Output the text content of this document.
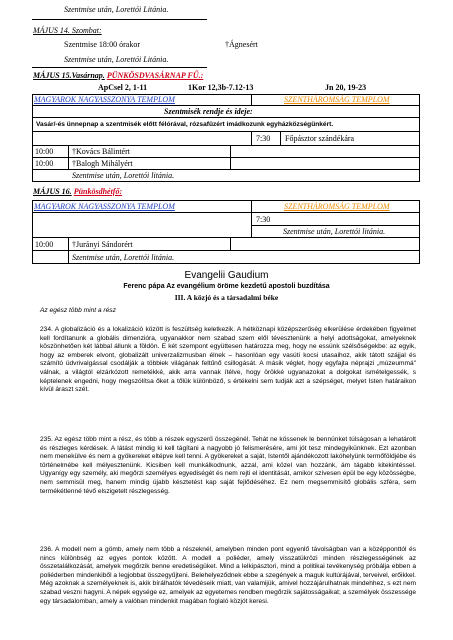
Szentmise után, Lorettói Litánia.
MÁJUS 14. Szombat:
Szentmise 18:00 órakor	†Ágnesért
Szentmise után, Lorettói Litánia.
MÁJUS 15.Vasárnap. PÜNKÖSDVASÁRNAP FŰ.:
ApCsel 2, 1-11	1Kor 12,3b-7.12-13	Jn 20, 19-23
MAGYAROK NAGYASSZONYA TEMPLOM	SZENTHÁROMSÁG TEMPLOM
Szentmisék rendje és ideje:
Vasár/-és ünnepnap a szentmisék előtt félórával, rózsafüzért imádkozunk egyházközségünkért.
7:30 Főpásztor szándékára
10:00 †Kovács Bálintért
10:00 †Balogh Mihályért
Szentmise után, Lorettói litánia.
MÁJUS 16. Pünkösdhétfő:
MAGYAROK NAGYASSZONYA TEMPLOM	SZENTHÁROMSÁG TEMPLOM
7:30
Szentmise után, Lorettói litánia.
10:00 †Jurányi Sándorért
Szentmise után, Lorettói litánia.
Evangelii Gaudium
Ferenc pápa Az evangélium öröme kezdetű apostoli buzdítása
III. A közjó és a társadalmi béke
Az egész több mint a rész
234. A globalizáció és a lokalizáció között is feszültség keletkezik. A hétköznapi középszerűség elkerülése érdekében figyelmet kell fordítanunk a globális dimenzióra, ugyanakkor nem szabad szem elől tévesztenünk a helyi adottságokat, amelyeknek köszönhetően két lábbal állunk a földön. E két szempont együttesen határozza meg, hogy ne essünk szélsőségekbe: az egyik, hogy az emberek elvont, globalizált univerzalizmusban élnek – hasonlóan egy vasúti kocsi utasaihoz, akik tátott szájjal és számító üdvrivalgással csodálják a többiek világának feltűnő csillogását. A másik véglet, hogy egyfajta néprajzi „múzeummá" válnak, a világtól elzárkózott remetékké, akik arra vannak ítélve, hogy örökké ugyanazokat a dolgokat ismételgessék, s képtelenek engedni, hogy megszólítsa őket a tőlük különböző, s értékelni sem tudják azt a szépséget, melyet Isten határaikon kívül áraszt szét.
235. Az egész több mint a rész, és több a részek egyszerű összegénél. Tehát ne kössenek le bennünket túlságosan a lehatárolt és részleges kérdések. A látást mindig ki kell tágítani a nagyobb jó felismerésére, ami jót tesz mindegyikünknek. Ezt azonban nem menekülve és nem a gyökereket eltépve kell tenni. A gyökereket a saját, Istentől ajándékozott lakóhelyünk termőföldjébe és történelmébe kell mélyesztenünk. Kicsiben kell munkálkodnunk, azzal, ami közel van hozzánk, ám tágabb kitekintéssel. Ugyanígy egy személy, aki megőrzi személyes egyediségét és nem rejti el identitását, amikor szívesen épül be egy közösségbe, nem semmisül meg, hanem mindig újabb késztetést kap saját fejlődéséhez. Ez nem megsemmisítő globális szféra, sem termékétlenné tévő elszigetelt részlegesség.
236. A modell nem a gömb, amely nem több a részeknél, amelyben minden pont egyenlő távolságban van a középponttól és nincs különbség az egyes pontok között. A modell a poliéder, amely visszatükrözi minden részlegességének az összetalálkozását, amelyek megőrzik benne eredetiségüket. Mind a lelkipásztori, mind a politikai tevékenység próbálja ebben a poliéderben mindenkiből a legjobbat összegyűjteni. Belehelyeződnek ebbe a szegények a maguk kultúrájával, terveivel, erőikkel. Még azoknak a személyeknek is, akik bírálhatók tévedéseik miatt, van valamijük, amivel hozzájárulhatnak mindehhez, s ezt nem szabad veszni hagyni. A népek egysége ez, amelyek az egyetemes rendben megőrzik sajátosságaikat; a személyek összessége egy társadalomban, amely a valóban mindenkit magában foglaló közjót keresi.
